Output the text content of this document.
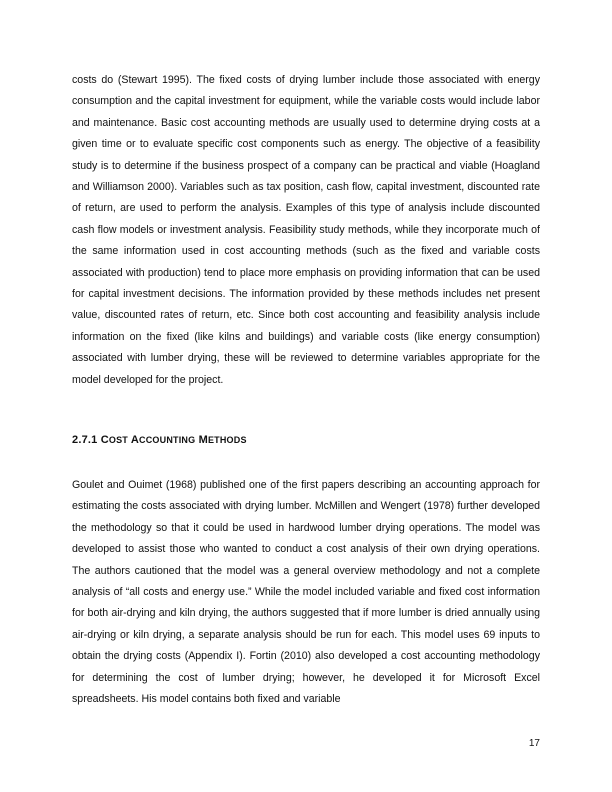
costs do (Stewart 1995). The fixed costs of drying lumber include those associated with energy consumption and the capital investment for equipment, while the variable costs would include labor and maintenance. Basic cost accounting methods are usually used to determine drying costs at a given time or to evaluate specific cost components such as energy. The objective of a feasibility study is to determine if the business prospect of a company can be practical and viable (Hoagland and Williamson 2000). Variables such as tax position, cash flow, capital investment, discounted rate of return, are used to perform the analysis. Examples of this type of analysis include discounted cash flow models or investment analysis. Feasibility study methods, while they incorporate much of the same information used in cost accounting methods (such as the fixed and variable costs associated with production) tend to place more emphasis on providing information that can be used for capital investment decisions. The information provided by these methods includes net present value, discounted rates of return, etc. Since both cost accounting and feasibility analysis include information on the fixed (like kilns and buildings) and variable costs (like energy consumption) associated with lumber drying, these will be reviewed to determine variables appropriate for the model developed for the project.

2.7.1 COST ACCOUNTING METHODS

Goulet and Ouimet (1968) published one of the first papers describing an accounting approach for estimating the costs associated with drying lumber. McMillen and Wengert (1978) further developed the methodology so that it could be used in hardwood lumber drying operations. The model was developed to assist those who wanted to conduct a cost analysis of their own drying operations. The authors cautioned that the model was a general overview methodology and not a complete analysis of “all costs and energy use.” While the model included variable and fixed cost information for both air-drying and kiln drying, the authors suggested that if more lumber is dried annually using air-drying or kiln drying, a separate analysis should be run for each. This model uses 69 inputs to obtain the drying costs (Appendix I). Fortin (2010) also developed a cost accounting methodology for determining the cost of lumber drying; however, he developed it for Microsoft Excel spreadsheets. His model contains both fixed and variable

17
